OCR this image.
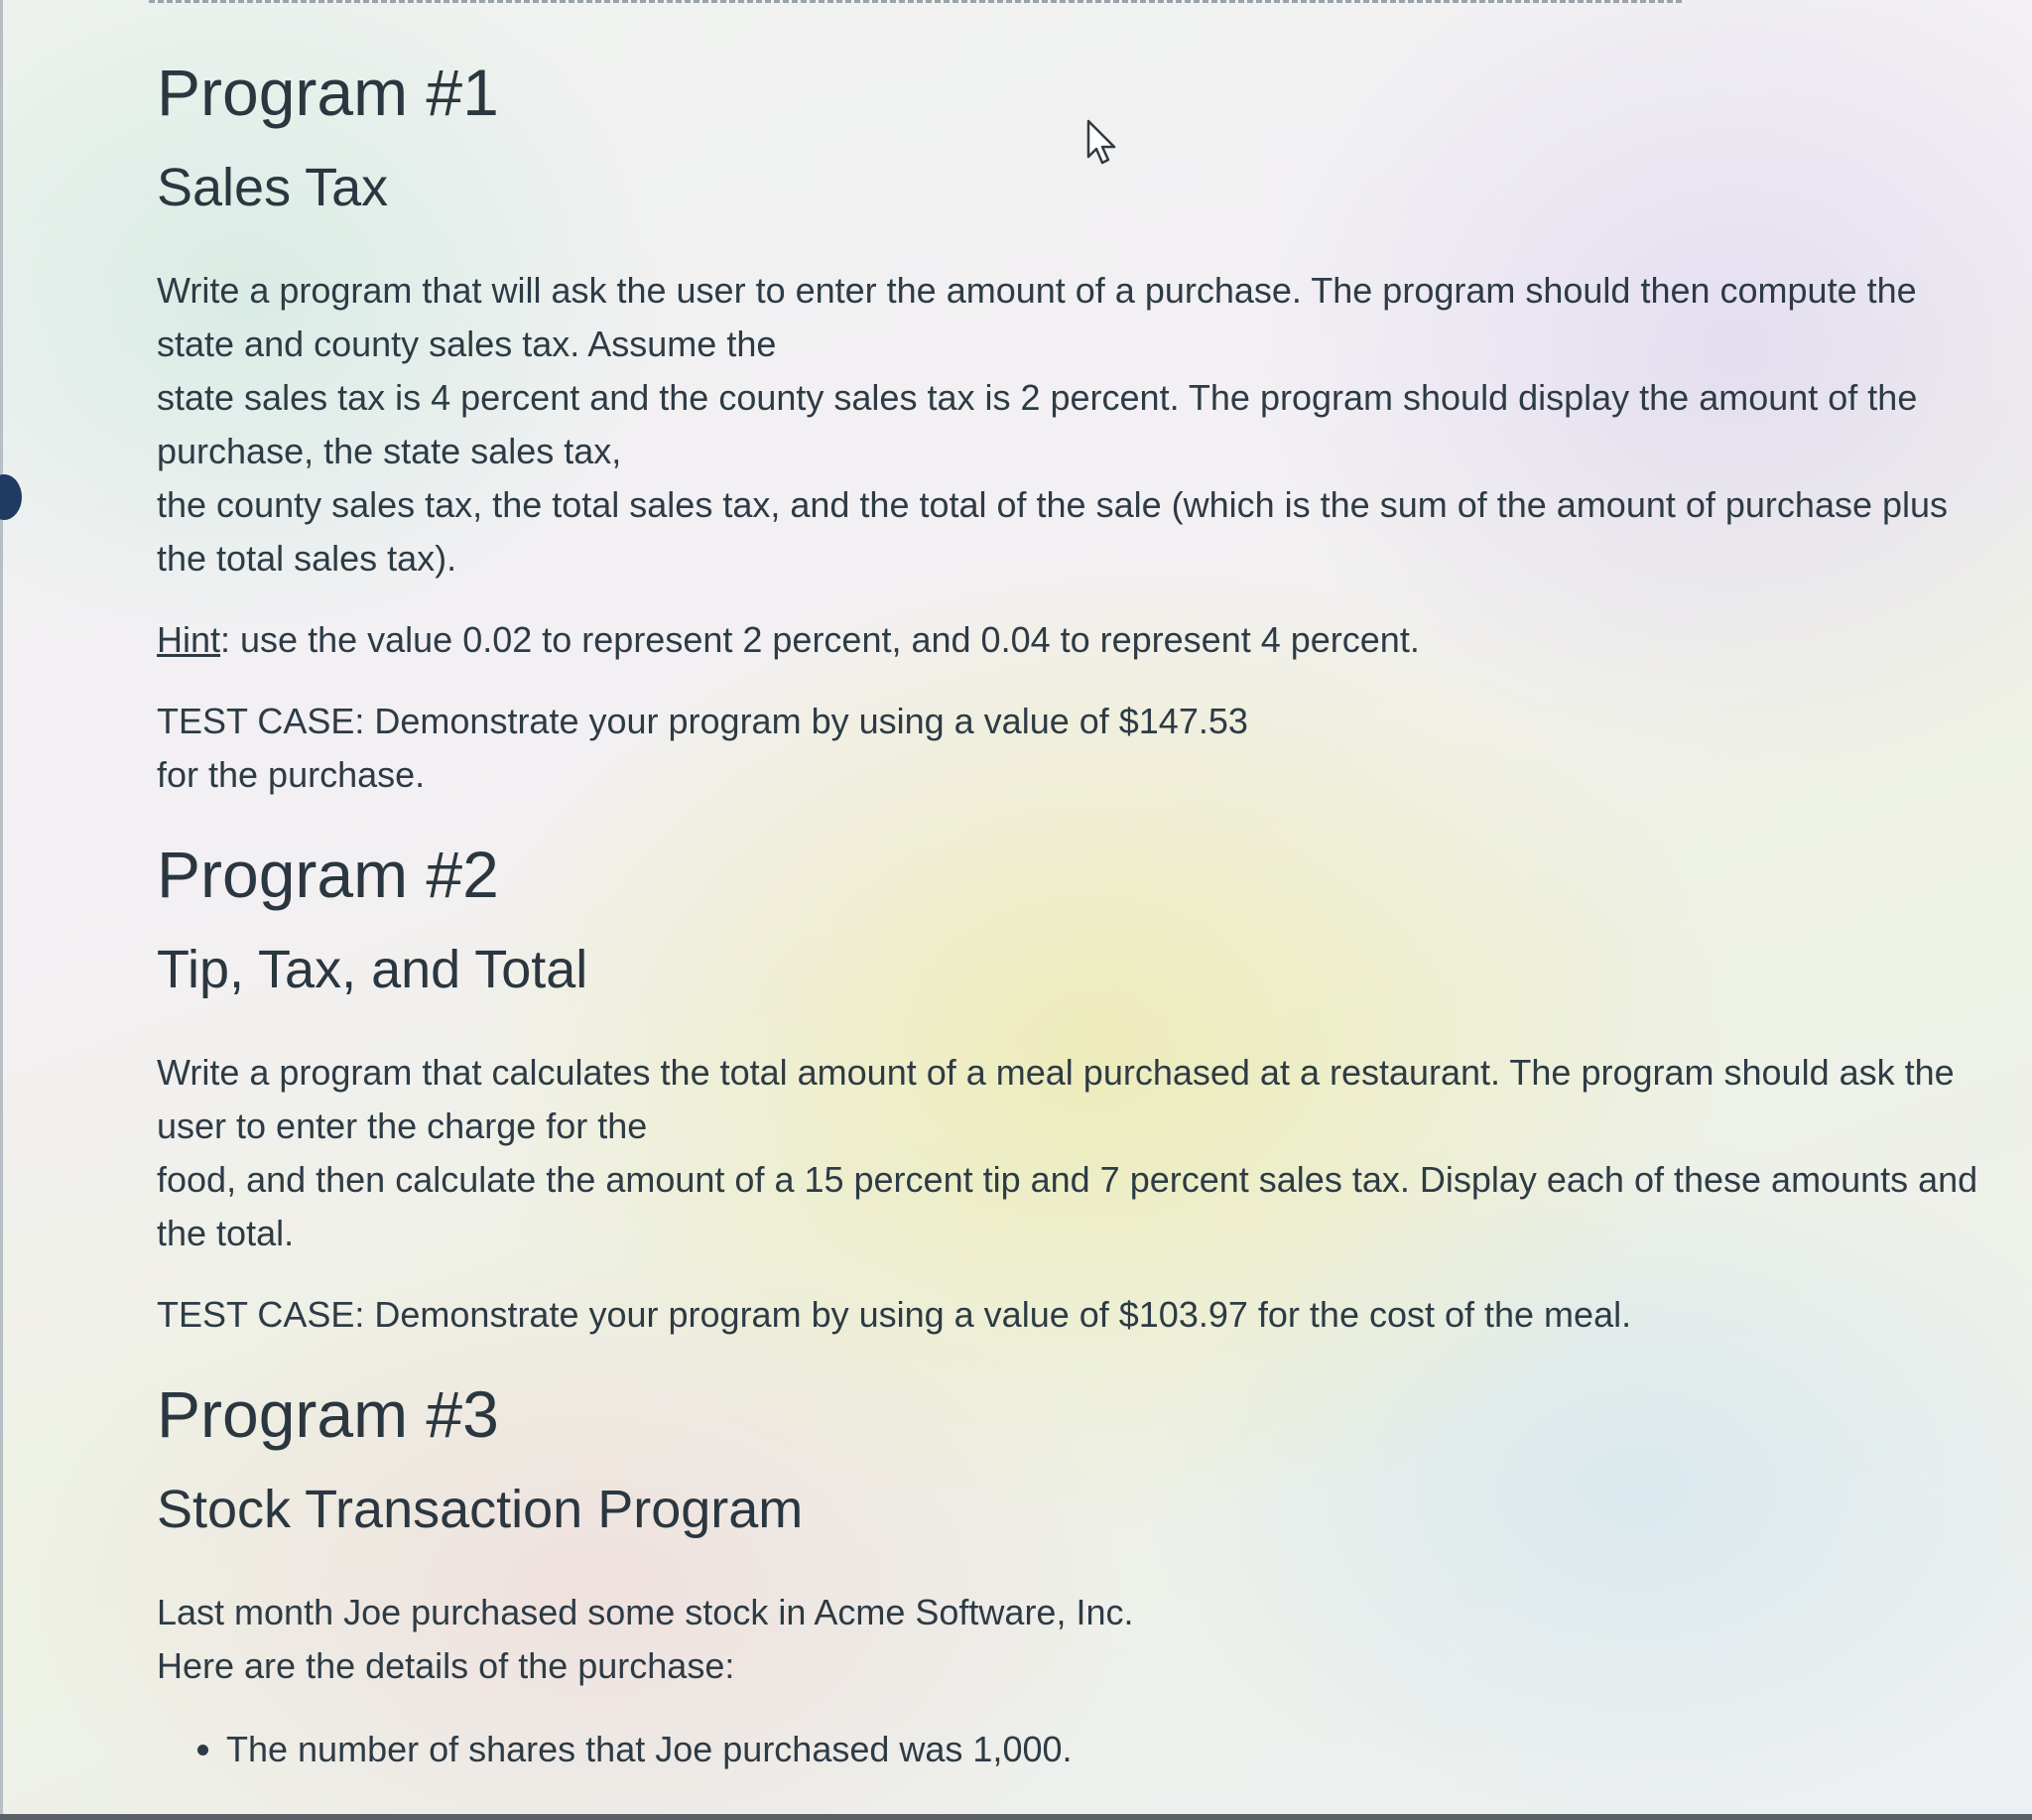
Program #1
Sales Tax

Write a program that will ask the user to enter the amount of a purchase. The program should then compute the state and county sales tax. Assume the
state sales tax is 4 percent and the county sales tax is 2 percent. The program should display the amount of the purchase, the state sales tax,
the county sales tax, the total sales tax, and the total of the sale (which is the sum of the amount of purchase plus the total sales tax).

Hint: use the value 0.02 to represent 2 percent, and 0.04 to represent 4 percent.

TEST CASE: Demonstrate your program by using a value of $147.53
for the purchase.

Program #2
Tip, Tax, and Total

Write a program that calculates the total amount of a meal purchased at a restaurant. The program should ask the user to enter the charge for the
food, and then calculate the amount of a 15 percent tip and 7 percent sales tax. Display each of these amounts and the total.

TEST CASE: Demonstrate your program by using a value of $103.97 for the cost of the meal.

Program #3
Stock Transaction Program

Last month Joe purchased some stock in Acme Software, Inc.
Here are the details of the purchase:

• The number of shares that Joe purchased was 1,000.
